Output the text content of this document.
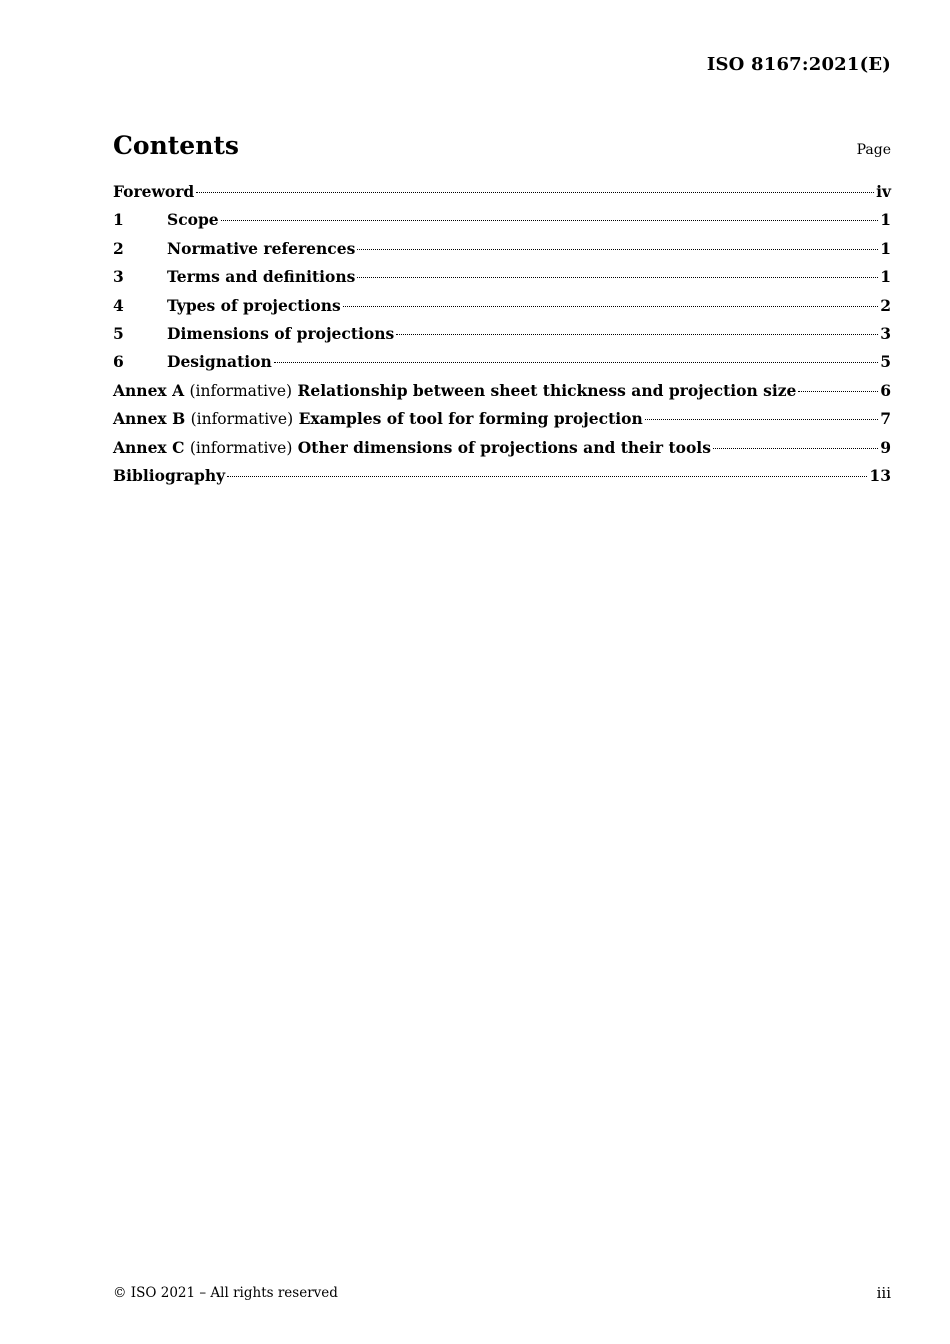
ISO 8167:2021(E)
Contents	Page
Foreword	iv
1	Scope	1
2	Normative references	1
3	Terms and definitions	1
4	Types of projections	2
5	Dimensions of projections	3
6	Designation	5
Annex A (informative) Relationship between sheet thickness and projection size	6
Annex B (informative) Examples of tool for forming projection	7
Annex C (informative) Other dimensions of projections and their tools	9
Bibliography	13
© ISO 2021 – All rights reserved	iii
